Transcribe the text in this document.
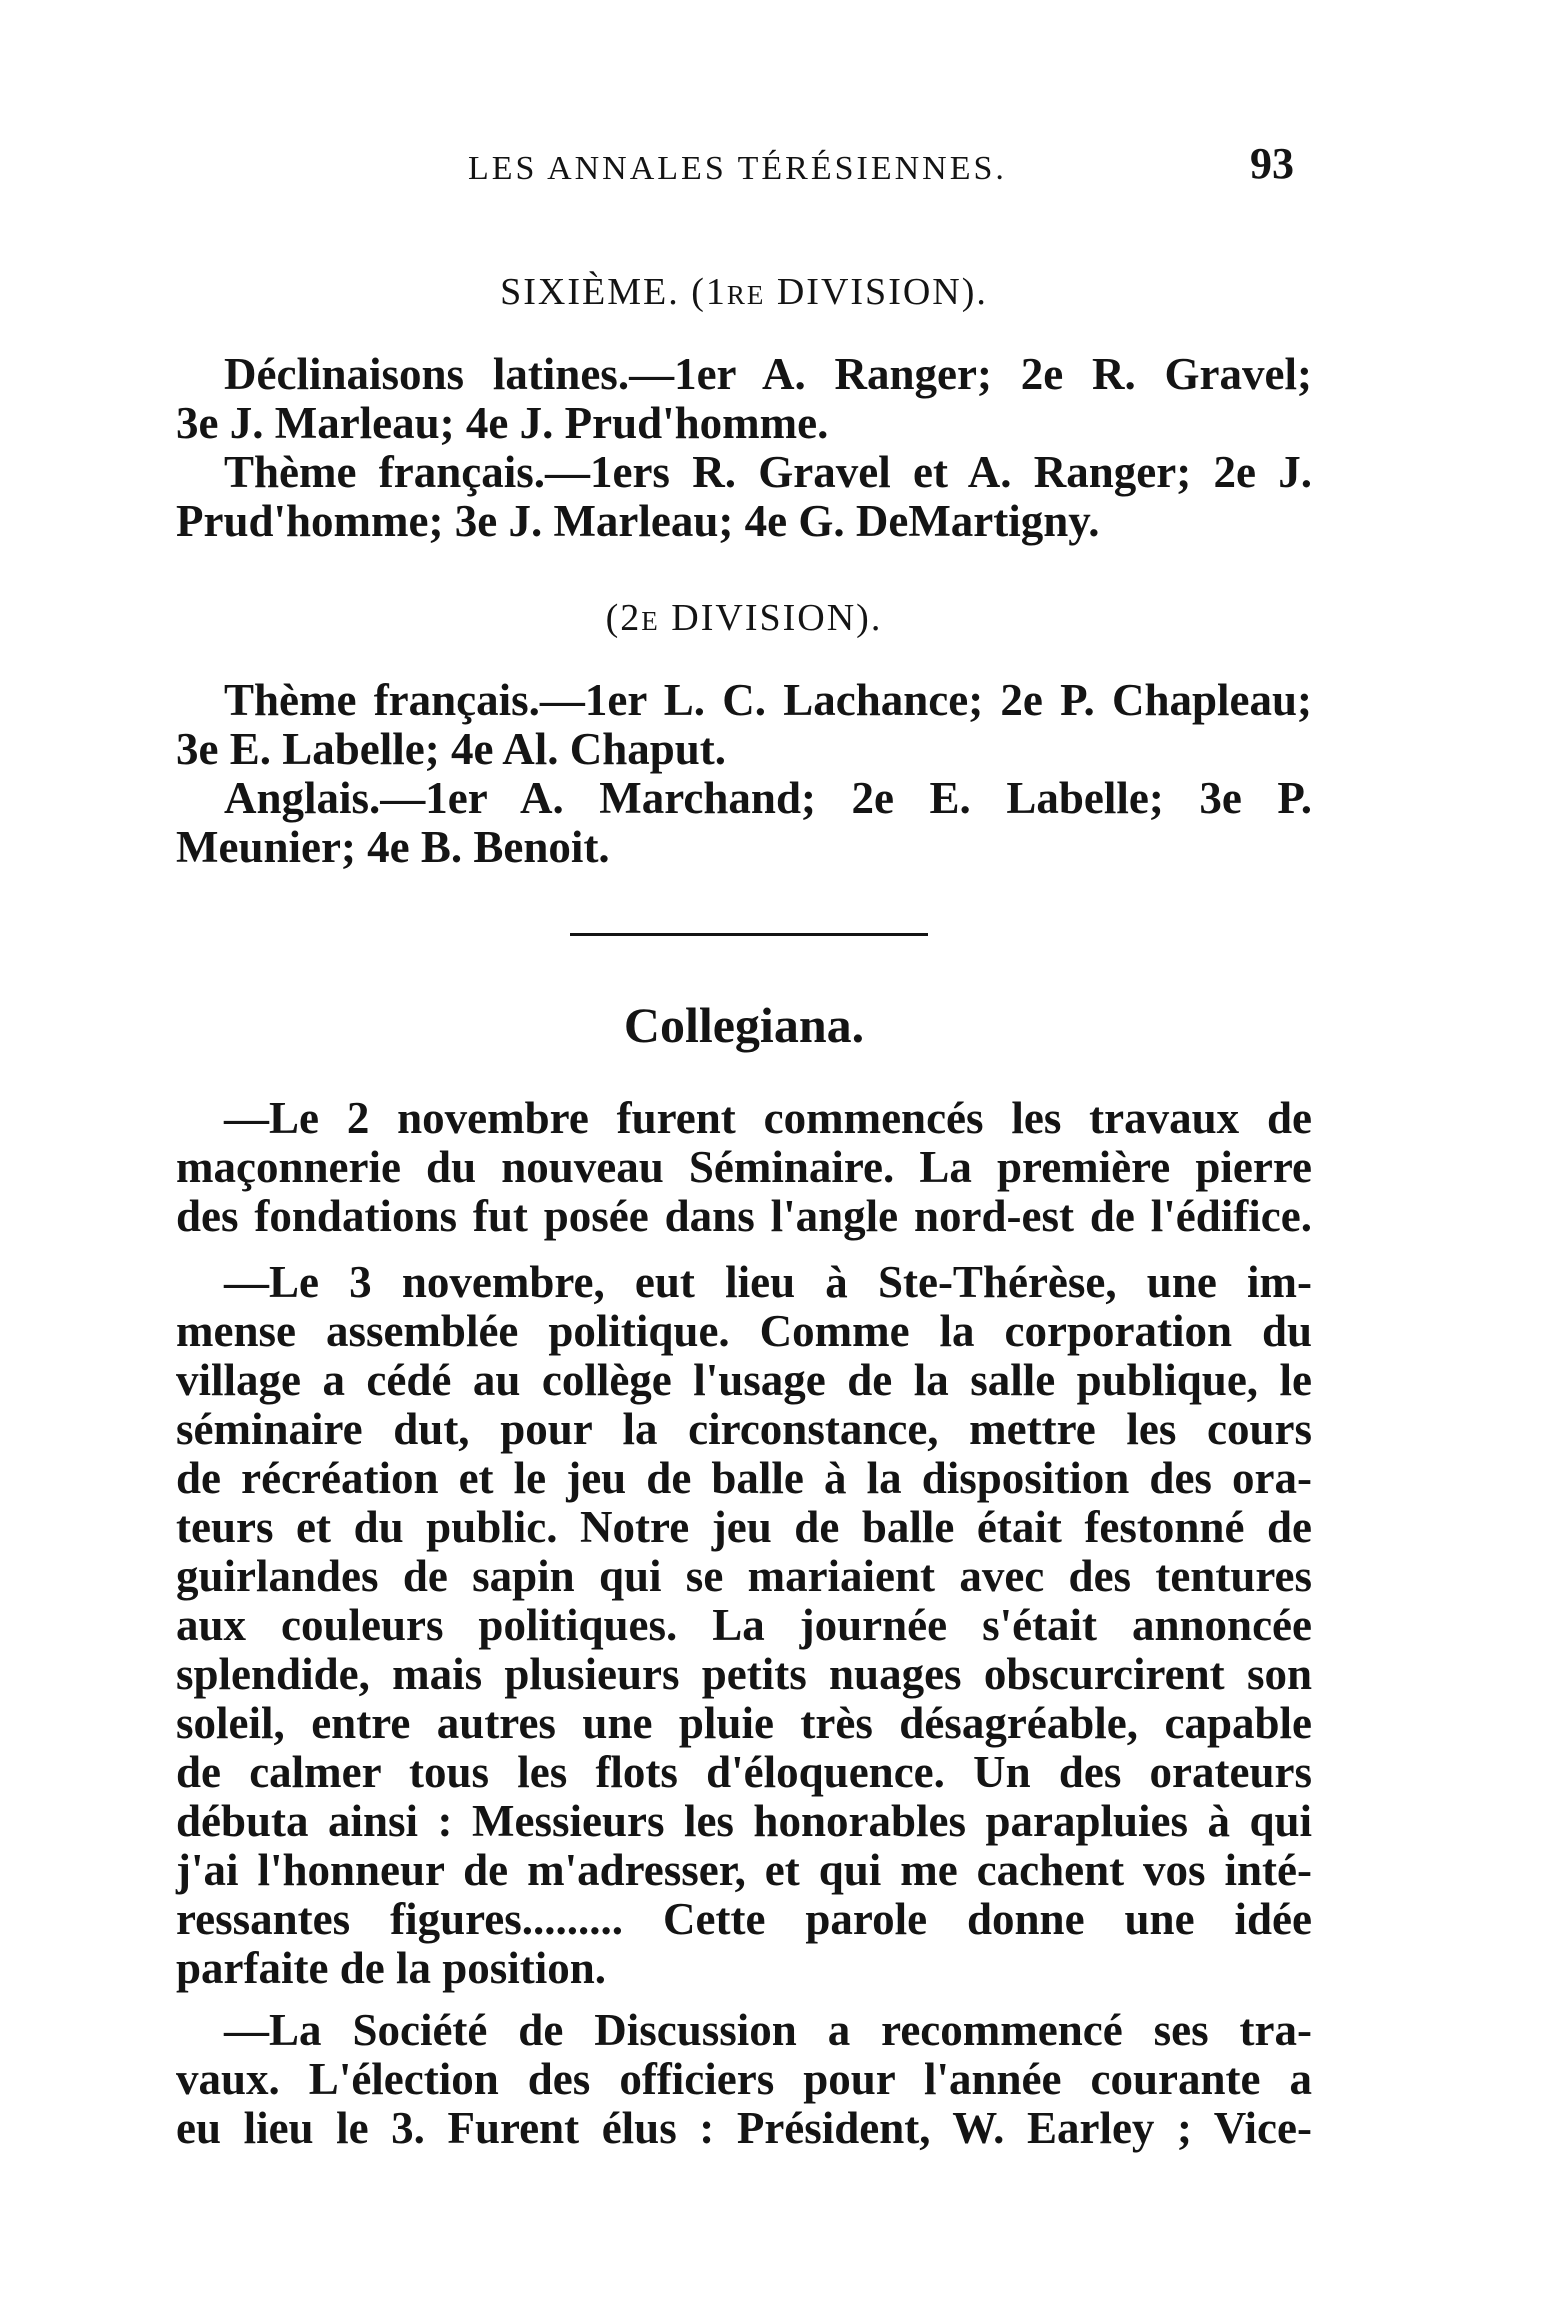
LES ANNALES TÉRÉSIENNES.	93
SIXIÈME. (1re DIVISION).
Déclinaisons latines.—1er A. Ranger; 2e R. Gravel;
3e J. Marleau; 4e J. Prud'homme.
Thème français.—1ers R. Gravel et A. Ranger; 2e J.
Prud'homme; 3e J. Marleau; 4e G. DeMartigny.
(2e DIVISION).
Thème français.—1er L. C. Lachance; 2e P. Chapleau;
3e E. Labelle; 4e Al. Chaput.
Anglais.—1er A. Marchand; 2e E. Labelle; 3e P.
Meunier; 4e B. Benoit.
Collegiana.
—Le 2 novembre furent commencés les travaux de
maçonnerie du nouveau Séminaire. La première pierre
des fondations fut posée dans l'angle nord-est de l'édifice.
—Le 3 novembre, eut lieu à Ste-Thérèse, une im-
mense assemblée politique. Comme la corporation du
village a cédé au collège l'usage de la salle publique, le
séminaire dut, pour la circonstance, mettre les cours
de récréation et le jeu de balle à la disposition des ora-
teurs et du public. Notre jeu de balle était festonné de
guirlandes de sapin qui se mariaient avec des tentures
aux couleurs politiques. La journée s'était annoncée
splendide, mais plusieurs petits nuages obscurcirent son
soleil, entre autres une pluie très désagréable, capable
de calmer tous les flots d'éloquence. Un des orateurs
débuta ainsi : Messieurs les honorables parapluies à qui
j'ai l'honneur de m'adresser, et qui me cachent vos inté-
ressantes figures......... Cette parole donne une idée
parfaite de la position.
—La Société de Discussion a recommencé ses tra-
vaux. L'élection des officiers pour l'année courante a
eu lieu le 3. Furent élus : Président, W. Earley ; Vice-
